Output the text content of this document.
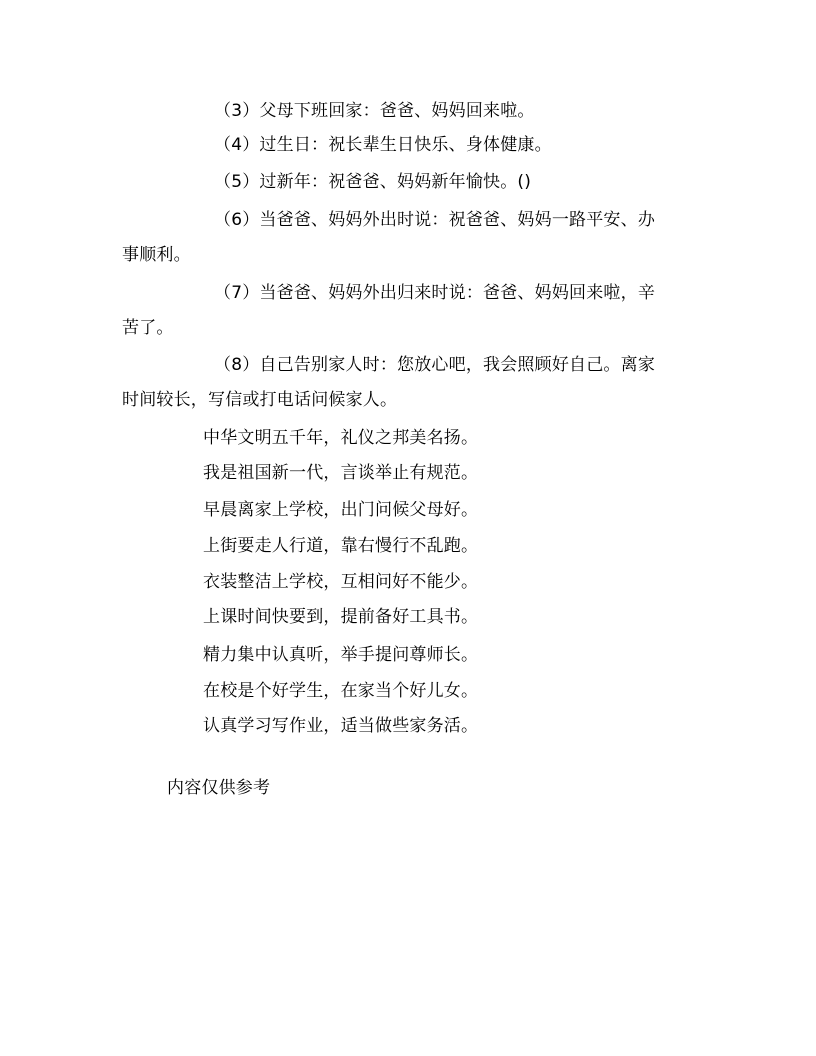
（3）父母下班回家：爸爸、妈妈回来啦。
（4）过生日：祝长辈生日快乐、身体健康。
（5）过新年：祝爸爸、妈妈新年愉快。()
（6）当爸爸、妈妈外出时说：祝爸爸、妈妈一路平安、办
事顺利。
（7）当爸爸、妈妈外出归来时说：爸爸、妈妈回来啦，辛
苦了。
（8）自己告别家人时：您放心吧，我会照顾好自己。离家
时间较长，写信或打电话问候家人。
中华文明五千年，礼仪之邦美名扬。
我是祖国新一代，言谈举止有规范。
早晨离家上学校，出门问候父母好。
上街要走人行道，靠右慢行不乱跑。
衣装整洁上学校，互相问好不能少。
上课时间快要到，提前备好工具书。
精力集中认真听，举手提问尊师长。
在校是个好学生，在家当个好儿女。
认真学习写作业，适当做些家务活。
内容仅供参考
